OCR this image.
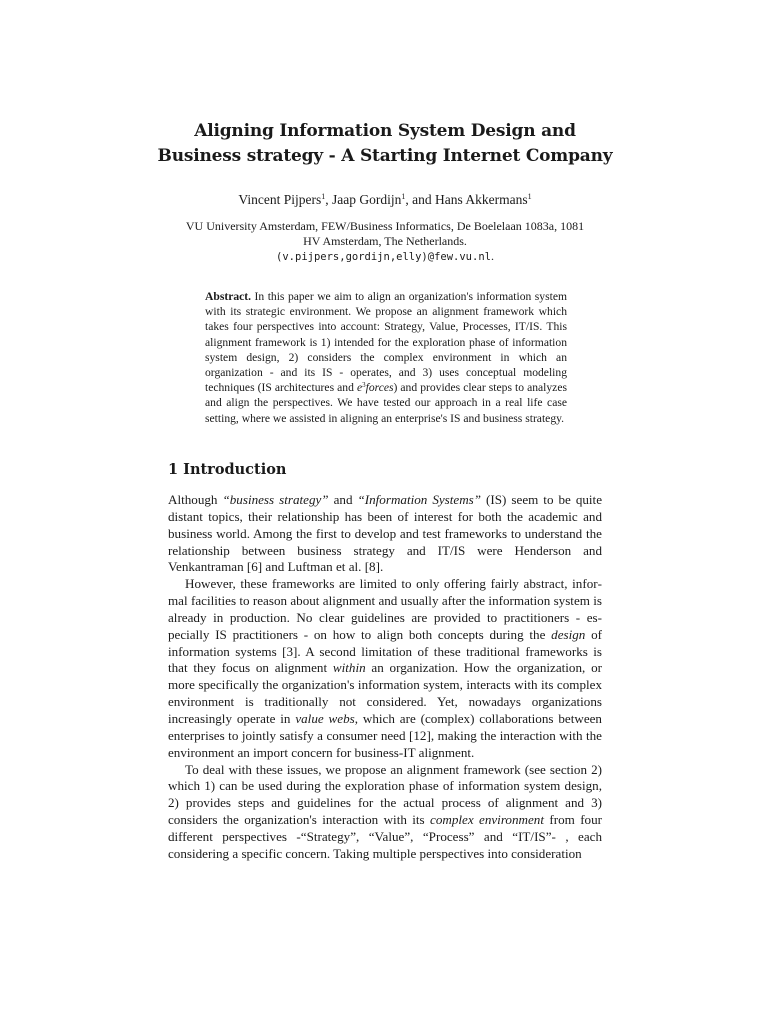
Aligning Information System Design and
Business strategy - A Starting Internet Company
Vincent Pijpers$^1$, Jaap Gordijn$^1$, and Hans Akkermans$^1$
VU University Amsterdam, FEW/Business Informatics, De Boelelaan 1083a, 1081
HV Amsterdam, The Netherlands.
(v.pijpers,gordijn,elly)@few.vu.nl.
Abstract. In this paper we aim to align an organization's information system with its strategic environment. We propose an alignment framework which takes four perspectives into account: Strategy, Value, Processes, IT/IS. This alignment framework is 1) intended for the exploration phase of information system design, 2) considers the complex environment in which an organization - and its IS - operates, and 3) uses conceptual modeling techniques (IS architectures and $e^3forces$) and provides clear steps to analyzes and align the perspectives. We have tested our approach in a real life case setting, where we assisted in aligning an enterprise's IS and business strategy.
1 Introduction

Although “business strategy” and “Information Systems” (IS) seem to be quite distant topics, their relationship has been of interest for both the academic and business world. Among the first to develop and test frameworks to understand the relationship between business strategy and IT/IS were Henderson and Venkantraman [6] and Luftman et al. [8].

However, these frameworks are limited to only offering fairly abstract, informal facilities to reason about alignment and usually after the information system is already in production. No clear guidelines are provided to practitioners - especially IS practitioners - on how to align both concepts during the design of information systems [3]. A second limitation of these traditional frameworks is that they focus on alignment within an organization. How the organization, or more specifically the organization's information system, interacts with its complex environment is traditionally not considered. Yet, nowadays organizations increasingly operate in value webs, which are (complex) collaborations between enterprises to jointly satisfy a consumer need [12], making the interaction with the environment an import concern for business-IT alignment.

To deal with these issues, we propose an alignment framework (see section 2) which 1) can be used during the exploration phase of information system design, 2) provides steps and guidelines for the actual process of alignment and 3) considers the organization's interaction with its complex environment from four different perspectives -“Strategy”, “Value”, “Process” and “IT/IS”- , each considering a specific concern. Taking multiple perspectives into consideration
